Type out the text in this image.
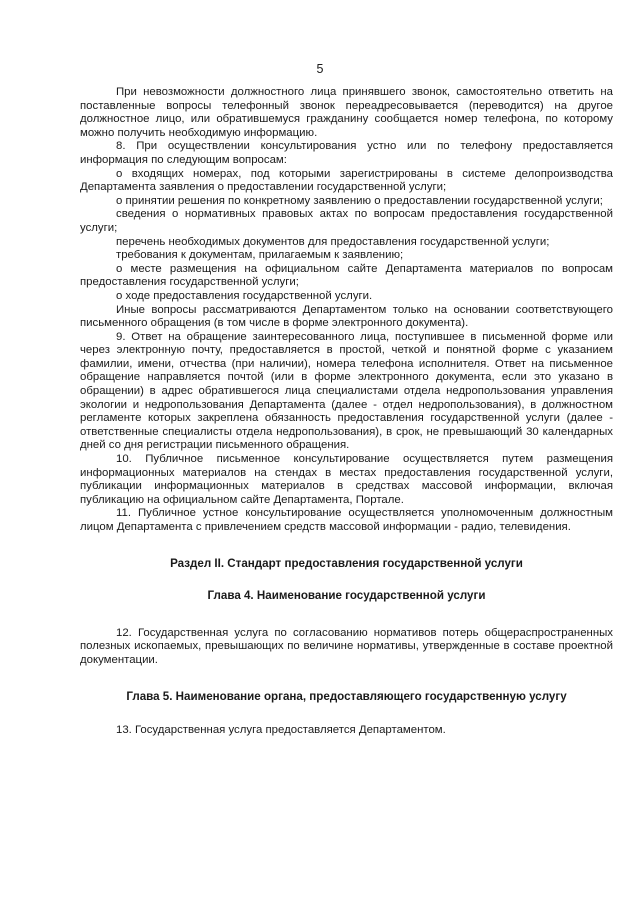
5

При невозможности должностного лица принявшего звонок, самостоятельно ответить на поставленные вопросы телефонный звонок переадресовывается (переводится) на другое должностное лицо, или обратившемуся гражданину сообщается номер телефона, по которому можно получить необходимую информацию.

8. При осуществлении консультирования устно или по телефону предоставляется информация по следующим вопросам:

о входящих номерах, под которыми зарегистрированы в системе делопроизводства Департамента заявления о предоставлении государственной услуги;

о принятии решения по конкретному заявлению о предоставлении государственной услуги;

сведения о нормативных правовых актах по вопросам предоставления государственной услуги;

перечень необходимых документов для предоставления государственной услуги;

требования к документам, прилагаемым к заявлению;

о месте размещения на официальном сайте Департамента материалов по вопросам предоставления государственной услуги;

о ходе предоставления государственной услуги.

Иные вопросы рассматриваются Департаментом только на основании соответствующего письменного обращения (в том числе в форме электронного документа).

9. Ответ на обращение заинтересованного лица, поступившее в письменной форме или через электронную почту, предоставляется в простой, четкой и понятной форме с указанием фамилии, имени, отчества (при наличии), номера телефона исполнителя. Ответ на письменное обращение направляется почтой (или в форме электронного документа, если это указано в обращении) в адрес обратившегося лица специалистами отдела недропользования управления экологии и недропользования Департамента (далее - отдел недропользования), в должностном регламенте которых закреплена обязанность предоставления государственной услуги (далее - ответственные специалисты отдела недропользования), в срок, не превышающий 30 календарных дней со дня регистрации письменного обращения.

10. Публичное письменное консультирование осуществляется путем размещения информационных материалов на стендах в местах предоставления государственной услуги, публикации информационных материалов в средствах массовой информации, включая публикацию на официальном сайте Департамента, Портале.

11. Публичное устное консультирование осуществляется уполномоченным должностным лицом Департамента с привлечением средств массовой информации - радио, телевидения.

Раздел II. Стандарт предоставления государственной услуги
Глава 4. Наименование государственной услуги

12. Государственная услуга по согласованию нормативов потерь общераспространенных полезных ископаемых, превышающих по величине нормативы, утвержденные в составе проектной документации.

Глава 5. Наименование органа, предоставляющего государственную услугу

13. Государственная услуга предоставляется Департаментом.
